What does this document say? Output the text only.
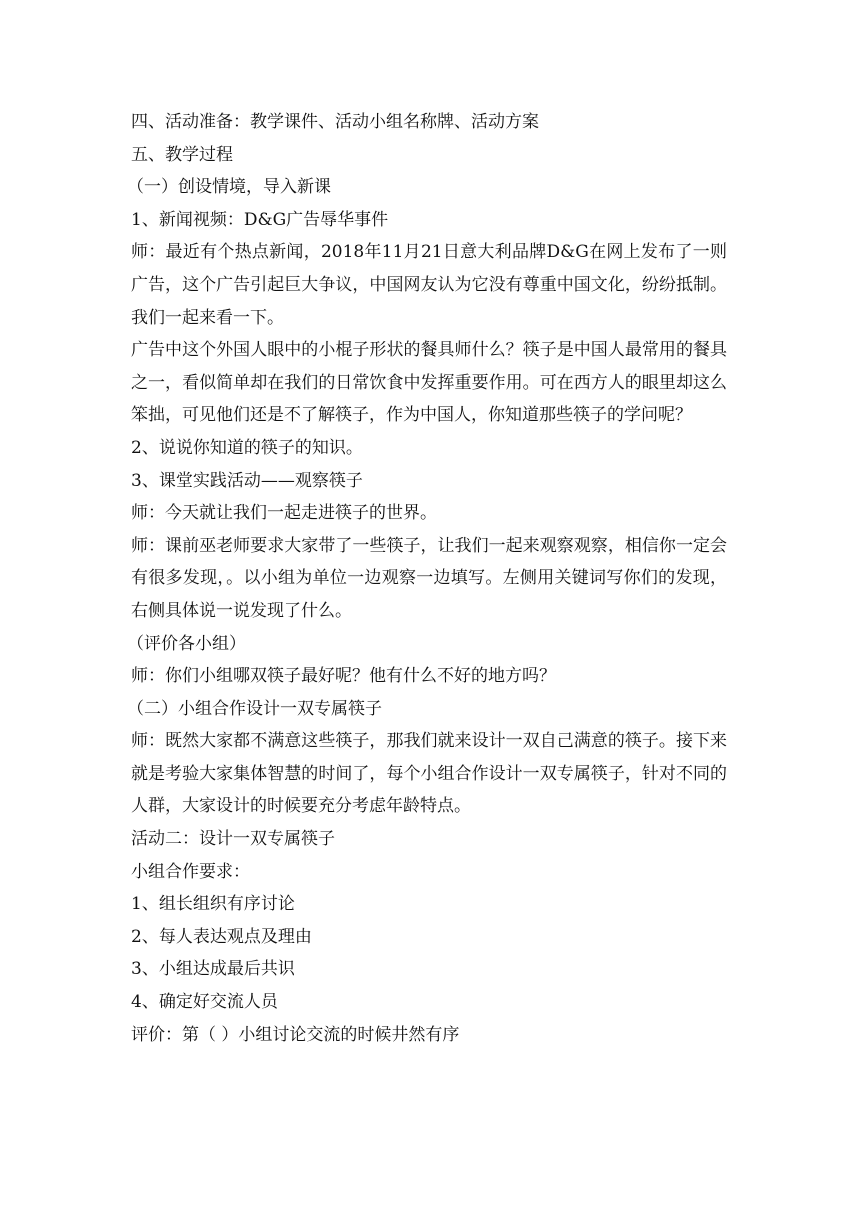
四、活动准备：教学课件、活动小组名称牌、活动方案

五、教学过程

（一）创设情境，导入新课

1、新闻视频：D&G广告辱华事件

师：最近有个热点新闻，2018年11月21日意大利品牌D&G在网上发布了一则广告，这个广告引起巨大争议，中国网友认为它没有尊重中国文化，纷纷抵制。我们一起来看一下。

广告中这个外国人眼中的小棍子形状的餐具师什么？筷子是中国人最常用的餐具之一，看似简单却在我们的日常饮食中发挥重要作用。可在西方人的眼里却这么笨拙，可见他们还是不了解筷子，作为中国人，你知道那些筷子的学问呢？

2、说说你知道的筷子的知识。

3、课堂实践活动——观察筷子

师：今天就让我们一起走进筷子的世界。

师：课前巫老师要求大家带了一些筷子，让我们一起来观察观察，相信你一定会有很多发现，。以小组为单位一边观察一边填写。左侧用关键词写你们的发现，右侧具体说一说发现了什么。

（评价各小组）

师：你们小组哪双筷子最好呢？他有什么不好的地方吗？

（二）小组合作设计一双专属筷子

师：既然大家都不满意这些筷子，那我们就来设计一双自己满意的筷子。接下来就是考验大家集体智慧的时间了，每个小组合作设计一双专属筷子，针对不同的人群，大家设计的时候要充分考虑年龄特点。

活动二：设计一双专属筷子

小组合作要求：

1、组长组织有序讨论

2、每人表达观点及理由

3、小组达成最后共识

4、确定好交流人员

评价：第（ ）小组讨论交流的时候井然有序
